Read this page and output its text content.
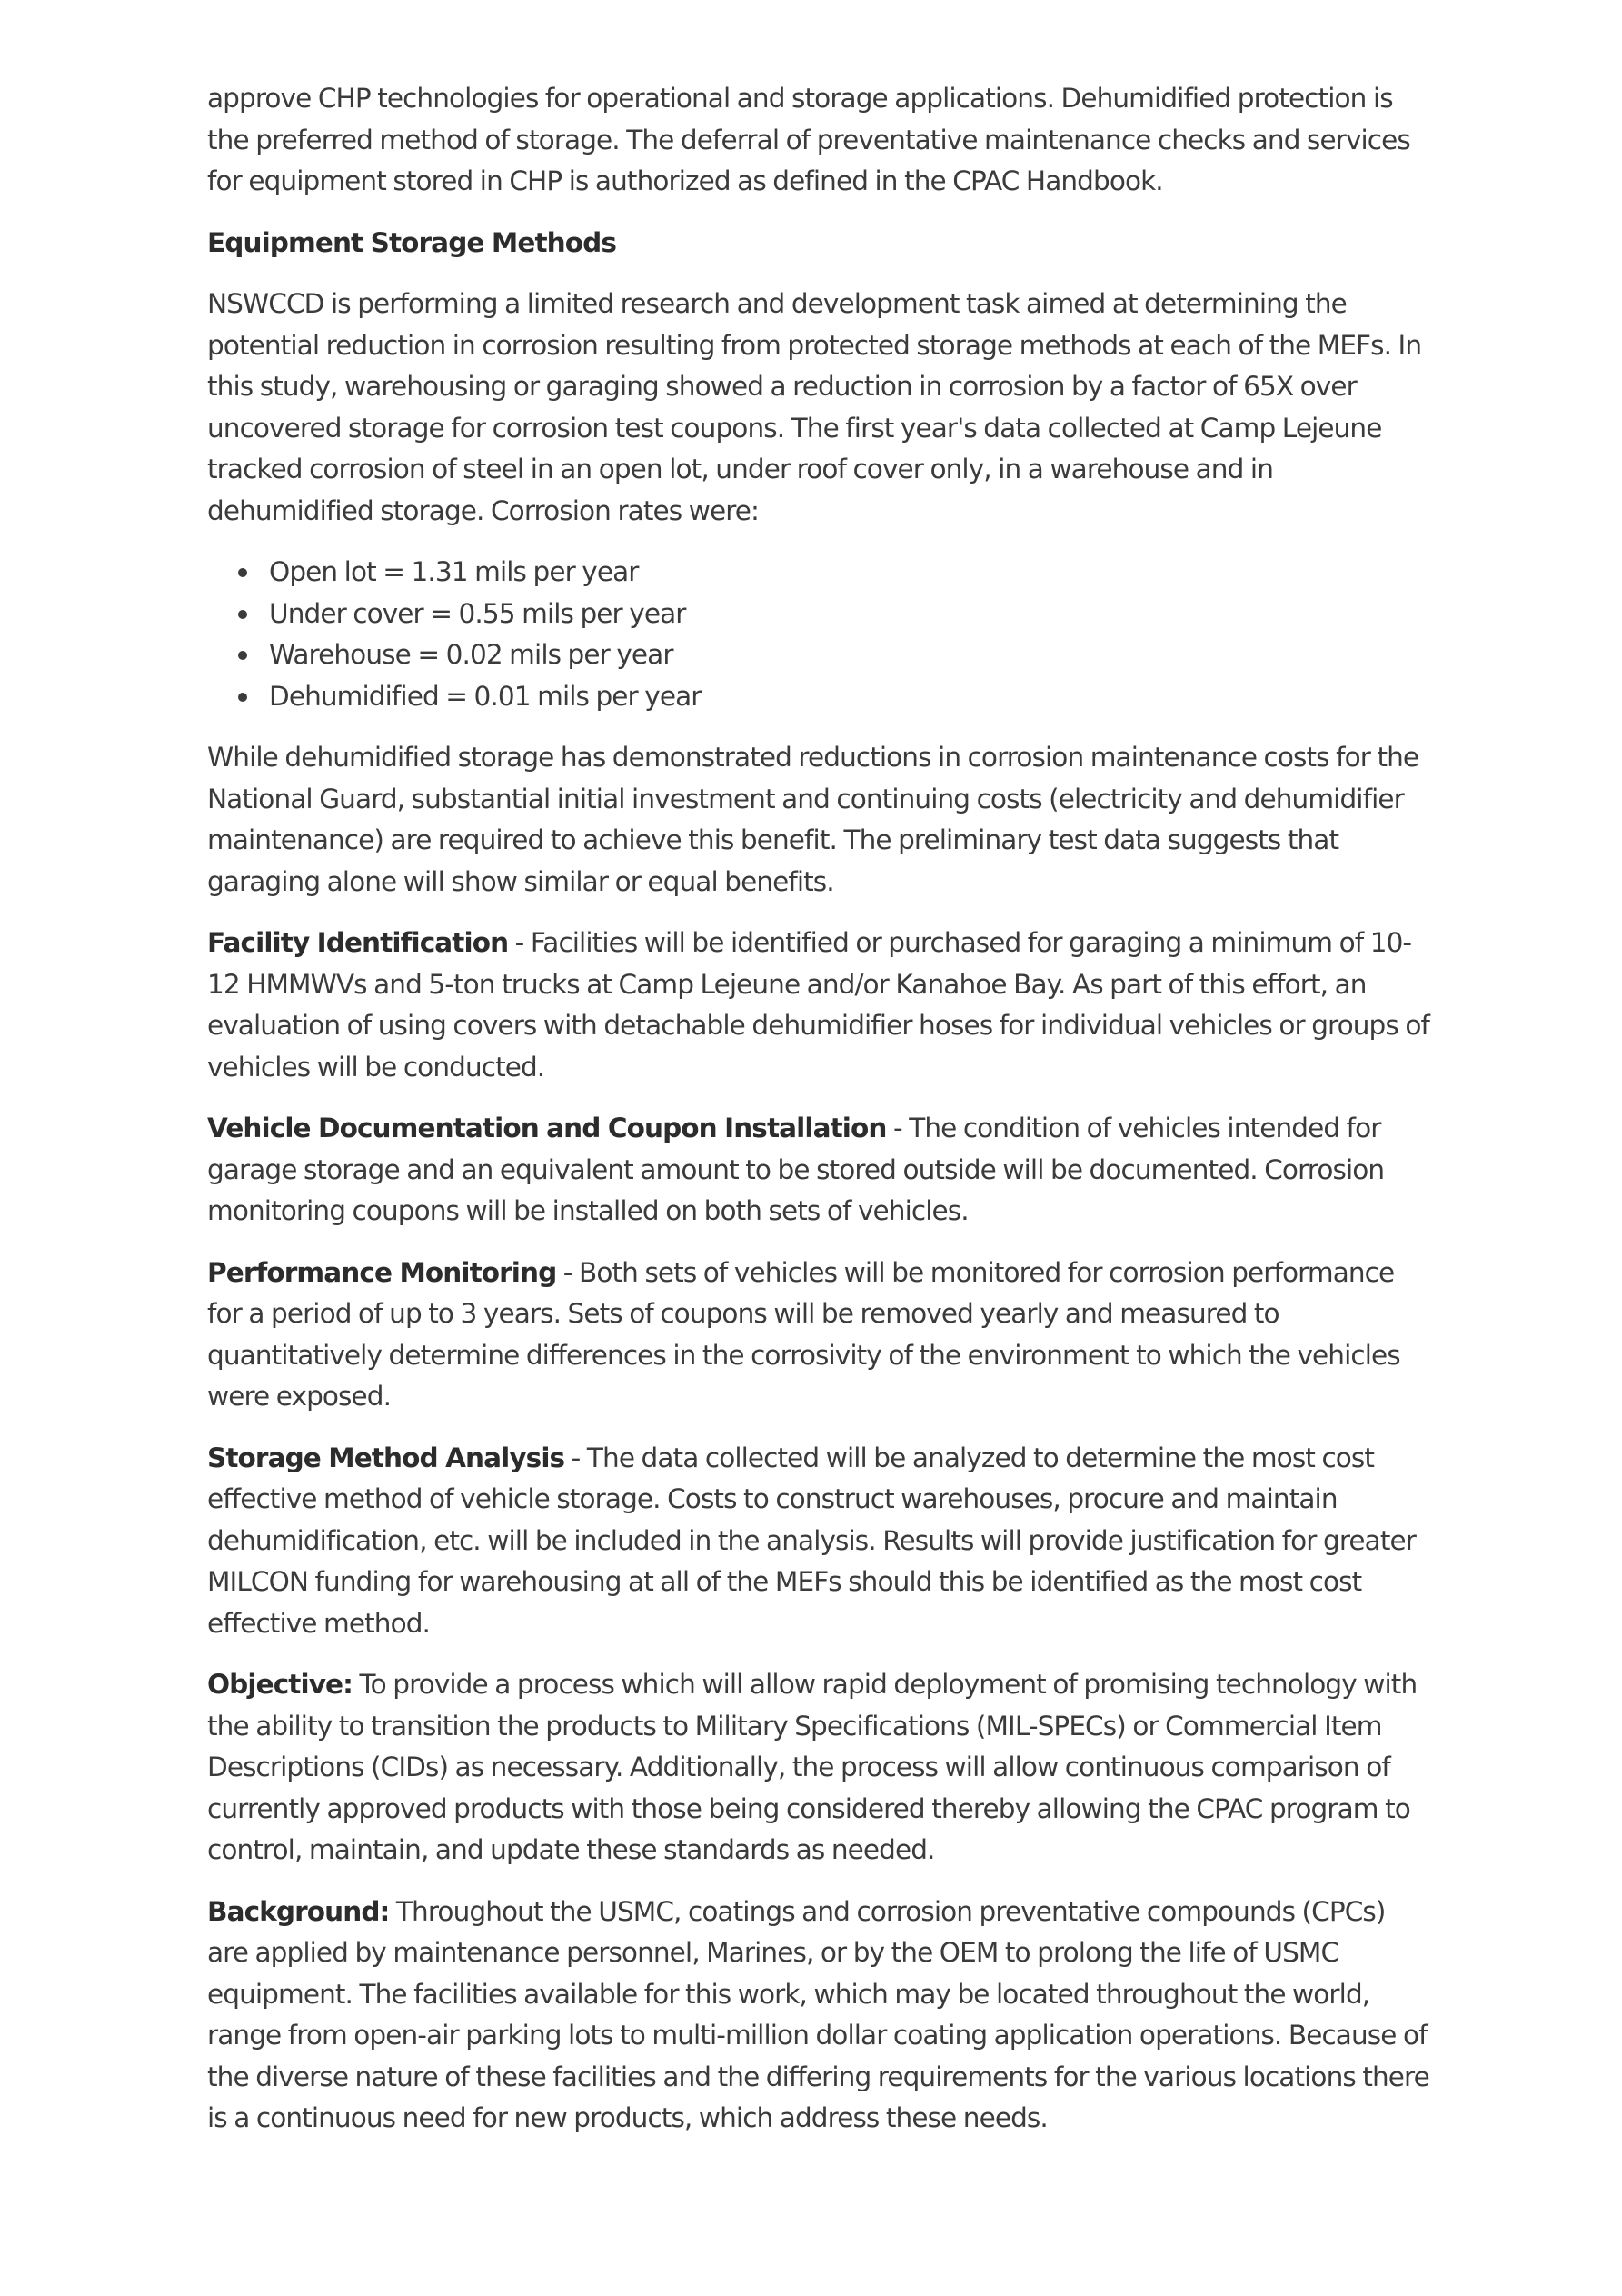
approve CHP technologies for operational and storage applications. Dehumidified protection is the preferred method of storage. The deferral of preventative maintenance checks and services for equipment stored in CHP is authorized as defined in the CPAC Handbook.

Equipment Storage Methods

NSWCCD is performing a limited research and development task aimed at determining the potential reduction in corrosion resulting from protected storage methods at each of the MEFs. In this study, warehousing or garaging showed a reduction in corrosion by a factor of 65X over uncovered storage for corrosion test coupons. The first year's data collected at Camp Lejeune tracked corrosion of steel in an open lot, under roof cover only, in a warehouse and in dehumidified storage. Corrosion rates were:

Open lot = 1.31 mils per year
Under cover = 0.55 mils per year
Warehouse = 0.02 mils per year
Dehumidified = 0.01 mils per year

While dehumidified storage has demonstrated reductions in corrosion maintenance costs for the National Guard, substantial initial investment and continuing costs (electricity and dehumidifier maintenance) are required to achieve this benefit. The preliminary test data suggests that garaging alone will show similar or equal benefits.

Facility Identification - Facilities will be identified or purchased for garaging a minimum of 10-12 HMMWVs and 5-ton trucks at Camp Lejeune and/or Kanahoe Bay. As part of this effort, an evaluation of using covers with detachable dehumidifier hoses for individual vehicles or groups of vehicles will be conducted.

Vehicle Documentation and Coupon Installation - The condition of vehicles intended for garage storage and an equivalent amount to be stored outside will be documented. Corrosion monitoring coupons will be installed on both sets of vehicles.

Performance Monitoring - Both sets of vehicles will be monitored for corrosion performance for a period of up to 3 years. Sets of coupons will be removed yearly and measured to quantitatively determine differences in the corrosivity of the environment to which the vehicles were exposed.

Storage Method Analysis - The data collected will be analyzed to determine the most cost effective method of vehicle storage. Costs to construct warehouses, procure and maintain dehumidification, etc. will be included in the analysis. Results will provide justification for greater MILCON funding for warehousing at all of the MEFs should this be identified as the most cost effective method.

Objective: To provide a process which will allow rapid deployment of promising technology with the ability to transition the products to Military Specifications (MIL-SPECs) or Commercial Item Descriptions (CIDs) as necessary. Additionally, the process will allow continuous comparison of currently approved products with those being considered thereby allowing the CPAC program to control, maintain, and update these standards as needed.

Background: Throughout the USMC, coatings and corrosion preventative compounds (CPCs) are applied by maintenance personnel, Marines, or by the OEM to prolong the life of USMC equipment. The facilities available for this work, which may be located throughout the world, range from open-air parking lots to multi-million dollar coating application operations. Because of the diverse nature of these facilities and the differing requirements for the various locations there is a continuous need for new products, which address these needs.
